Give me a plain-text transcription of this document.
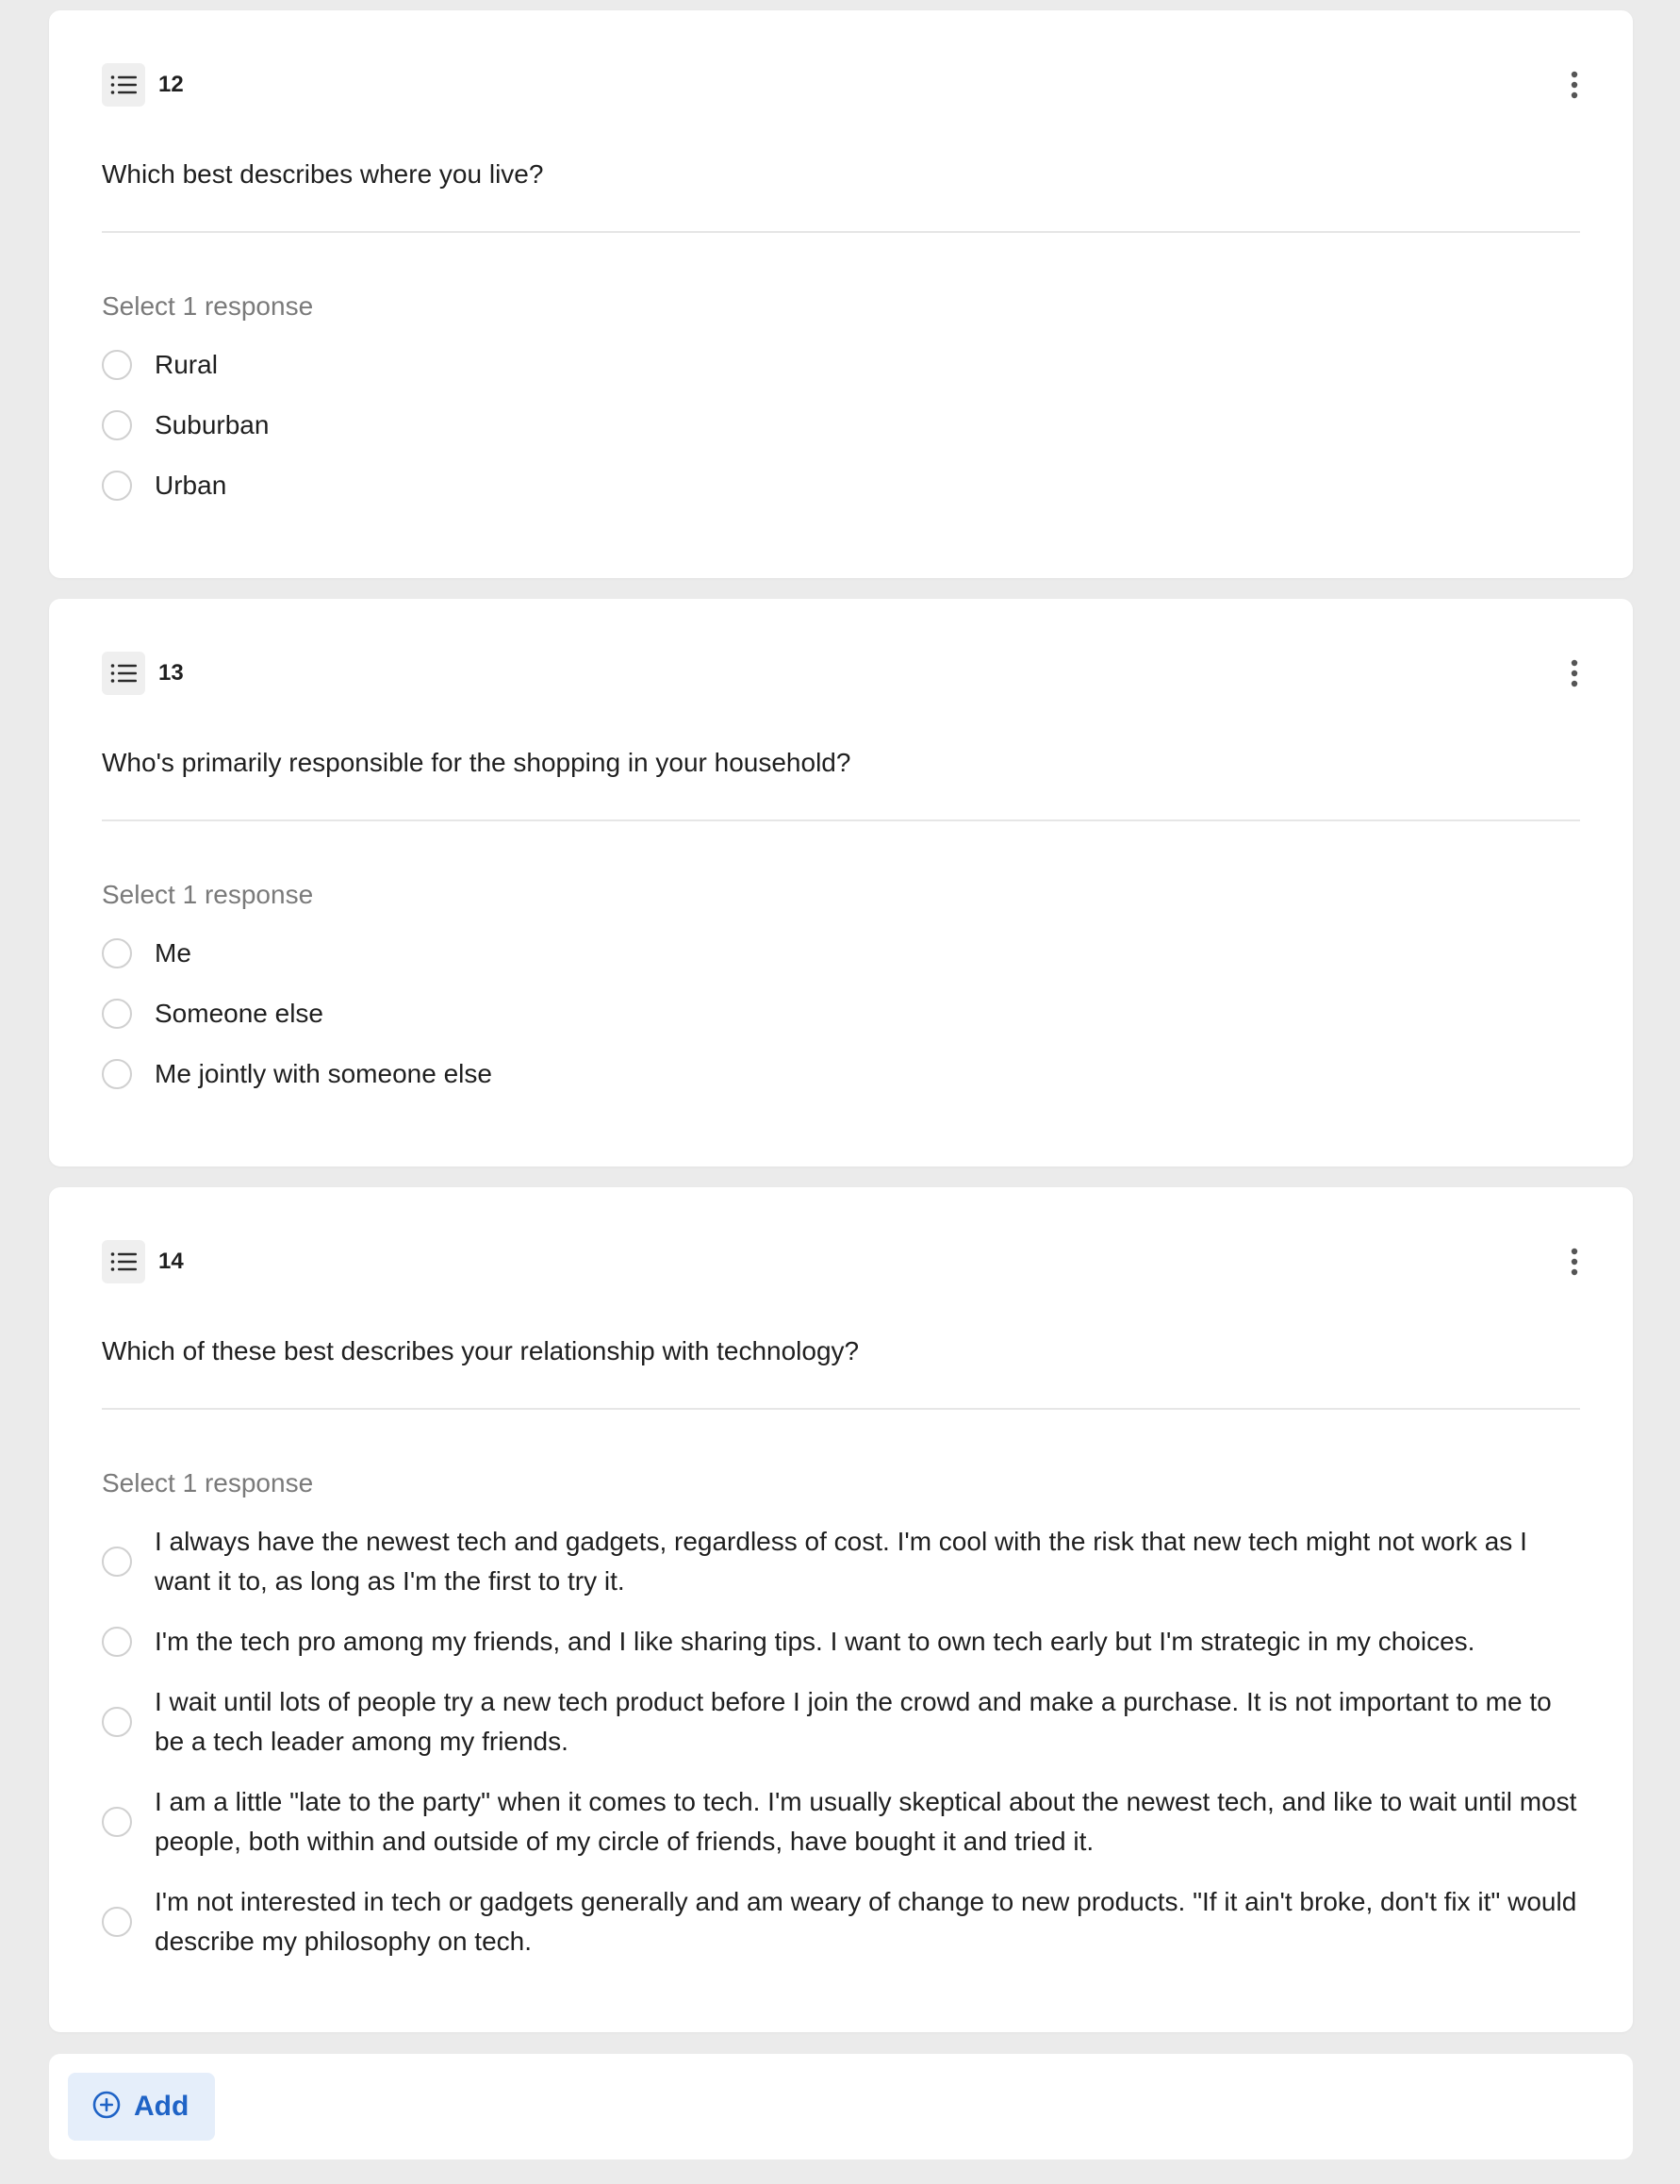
12
Which best describes where you live?
Select 1 response
Rural
Suburban
Urban
13
Who's primarily responsible for the shopping in your household?
Select 1 response
Me
Someone else
Me jointly with someone else
14
Which of these best describes your relationship with technology?
Select 1 response
I always have the newest tech and gadgets, regardless of cost. I'm cool with the risk that new tech might not work as I want it to, as long as I'm the first to try it.
I'm the tech pro among my friends, and I like sharing tips. I want to own tech early but I'm strategic in my choices.
I wait until lots of people try a new tech product before I join the crowd and make a purchase. It is not important to me to be a tech leader among my friends.
I am a little "late to the party" when it comes to tech. I'm usually skeptical about the newest tech, and like to wait until most people, both within and outside of my circle of friends, have bought it and tried it.
I'm not interested in tech or gadgets generally and am weary of change to new products. "If it ain't broke, don't fix it" would describe my philosophy on tech.
Add
